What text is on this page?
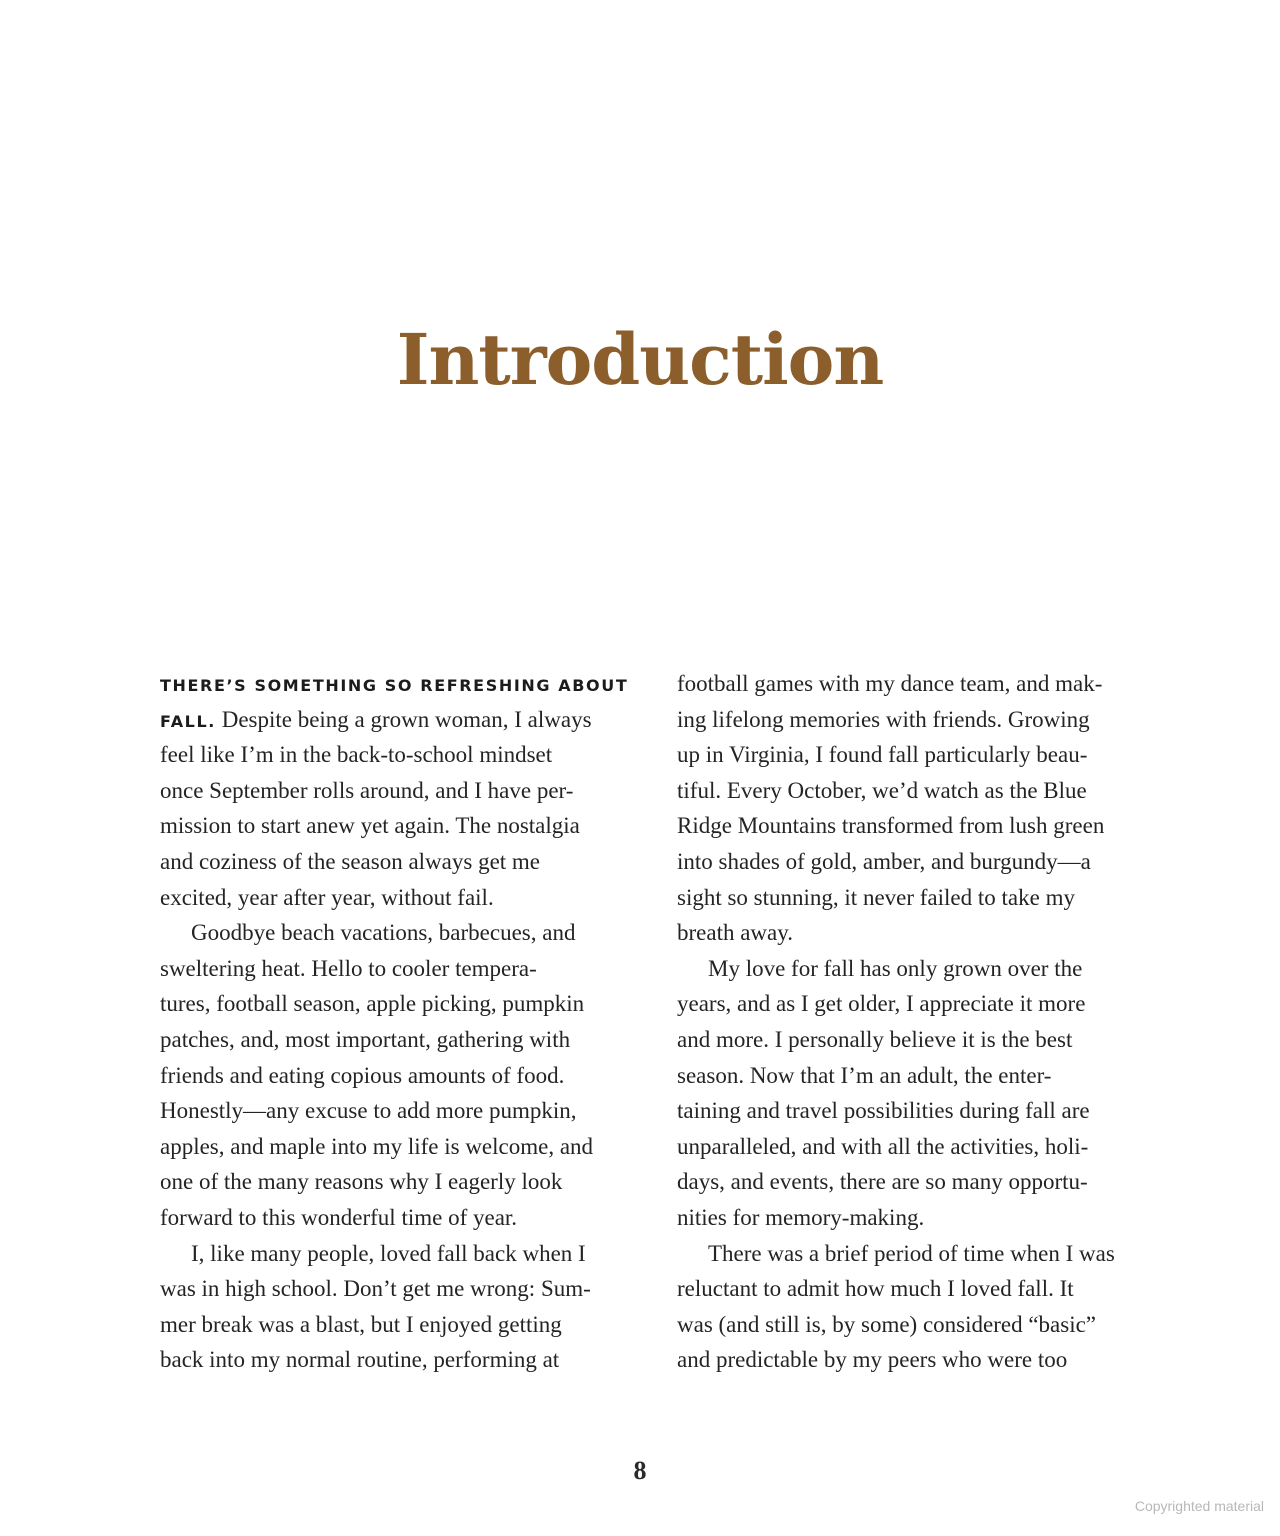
Introduction
THERE’S SOMETHING SO REFRESHING ABOUT
FALL. Despite being a grown woman, I always
feel like I’m in the back-to-school mindset
once September rolls around, and I have per-
mission to start anew yet again. The nostalgia
and coziness of the season always get me
excited, year after year, without fail.
Goodbye beach vacations, barbecues, and
sweltering heat. Hello to cooler tempera-
tures, football season, apple picking, pumpkin
patches, and, most important, gathering with
friends and eating copious amounts of food.
Honestly—any excuse to add more pumpkin,
apples, and maple into my life is welcome, and
one of the many reasons why I eagerly look
forward to this wonderful time of year.
I, like many people, loved fall back when I
was in high school. Don’t get me wrong: Sum-
mer break was a blast, but I enjoyed getting
back into my normal routine, performing at
football games with my dance team, and mak-
ing lifelong memories with friends. Growing
up in Virginia, I found fall particularly beau-
tiful. Every October, we’d watch as the Blue
Ridge Mountains transformed from lush green
into shades of gold, amber, and burgundy—a
sight so stunning, it never failed to take my
breath away.
My love for fall has only grown over the
years, and as I get older, I appreciate it more
and more. I personally believe it is the best
season. Now that I’m an adult, the enter-
taining and travel possibilities during fall are
unparalleled, and with all the activities, holi-
days, and events, there are so many opportu-
nities for memory-making.
There was a brief period of time when I was
reluctant to admit how much I loved fall. It
was (and still is, by some) considered “basic”
and predictable by my peers who were too
8
Copyrighted material
